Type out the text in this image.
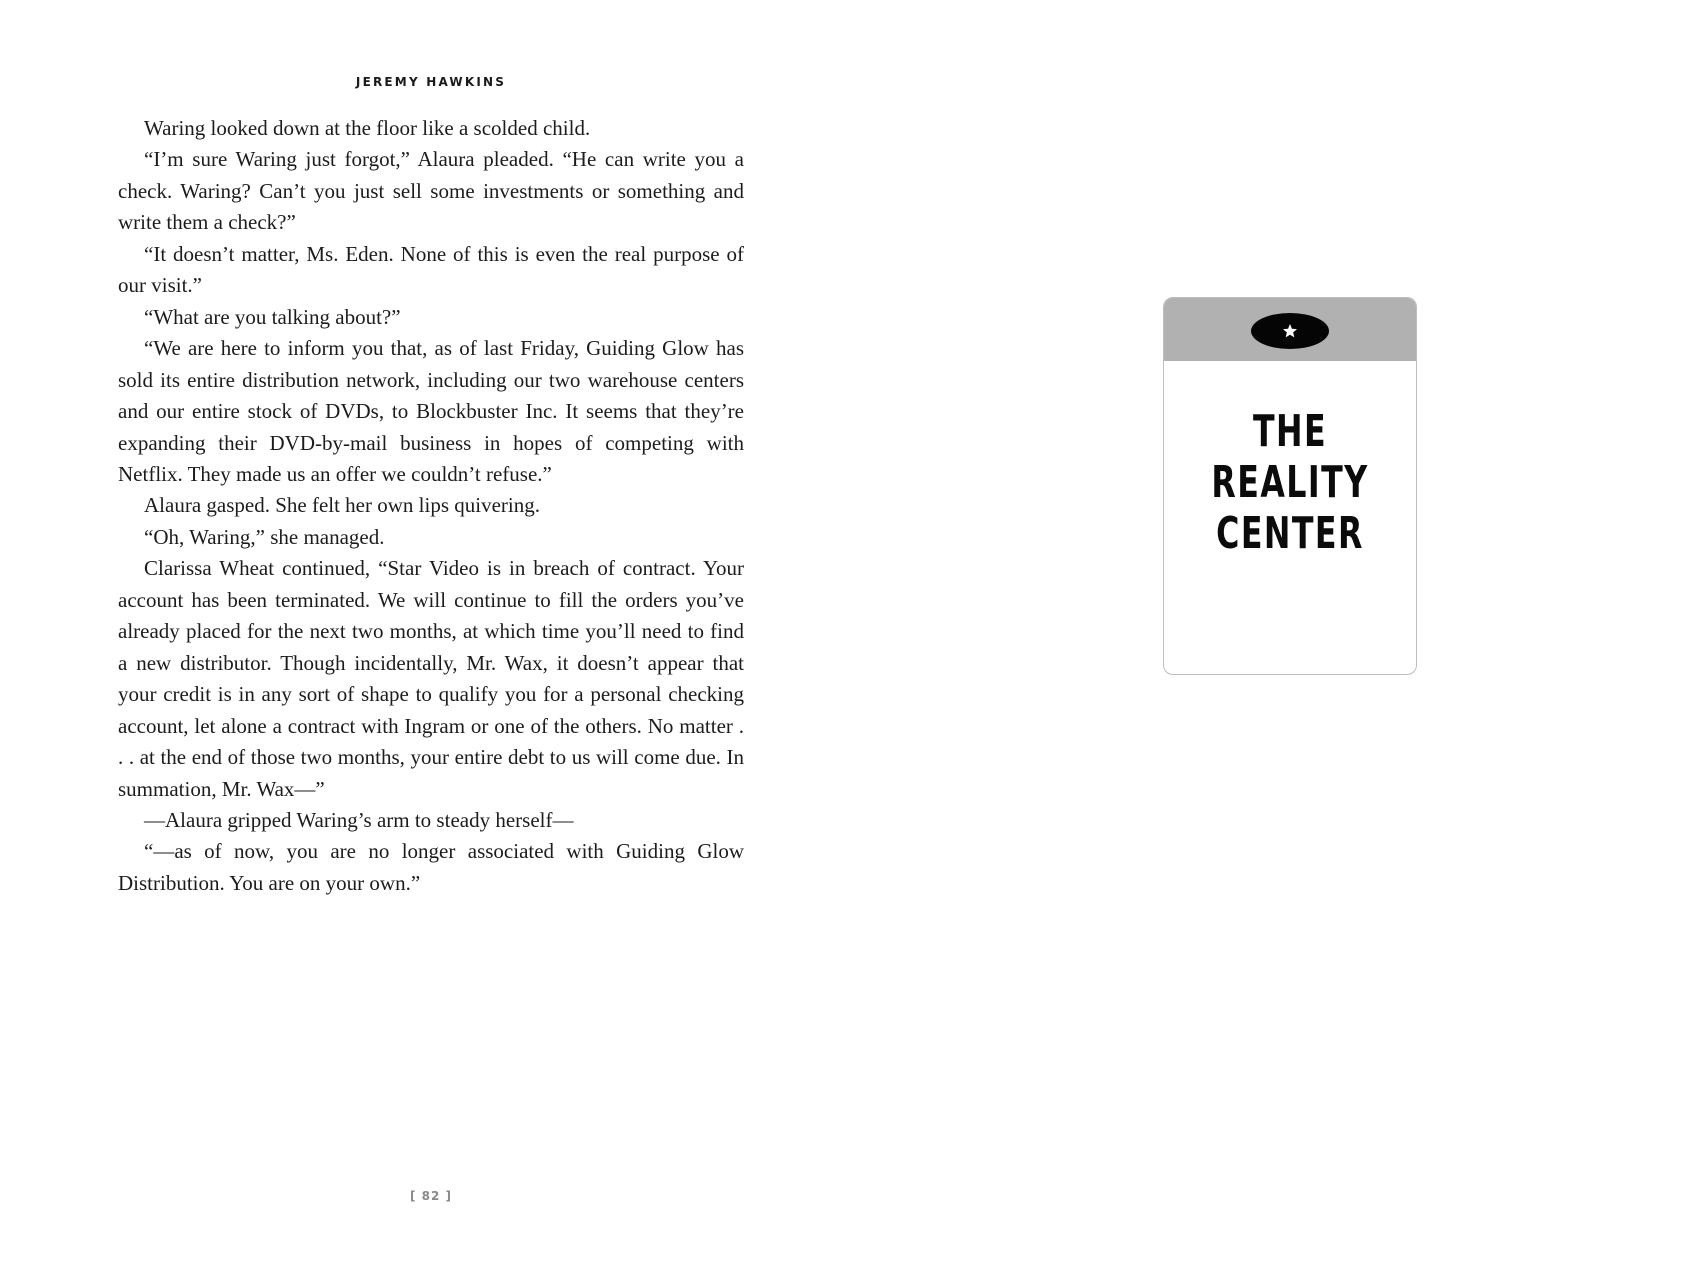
JEREMY HAWKINS

Waring looked down at the floor like a scolded child.

“I’m sure Waring just forgot,” Alaura pleaded. “He can write you a check. Waring? Can’t you just sell some investments or something and write them a check?”

“It doesn’t matter, Ms. Eden. None of this is even the real purpose of our visit.”

“What are you talking about?”

“We are here to inform you that, as of last Friday, Guiding Glow has sold its entire distribution network, including our two warehouse centers and our entire stock of DVDs, to Blockbuster Inc. It seems that they’re expanding their DVD-by-mail business in hopes of competing with Netflix. They made us an offer we couldn’t refuse.”

Alaura gasped. She felt her own lips quivering.

“Oh, Waring,” she managed.

Clarissa Wheat continued, “Star Video is in breach of contract. Your account has been terminated. We will continue to fill the orders you’ve already placed for the next two months, at which time you’ll need to find a new distributor. Though incidentally, Mr. Wax, it doesn’t appear that your credit is in any sort of shape to qualify you for a personal checking account, let alone a contract with Ingram or one of the others. No matter . . . at the end of those two months, your entire debt to us will come due. In summation, Mr. Wax—”

—Alaura gripped Waring’s arm to steady herself—

“—as of now, you are no longer associated with Guiding Glow Distribution. You are on your own.”

[ 82 ]
THE
REALITY
CENTER
